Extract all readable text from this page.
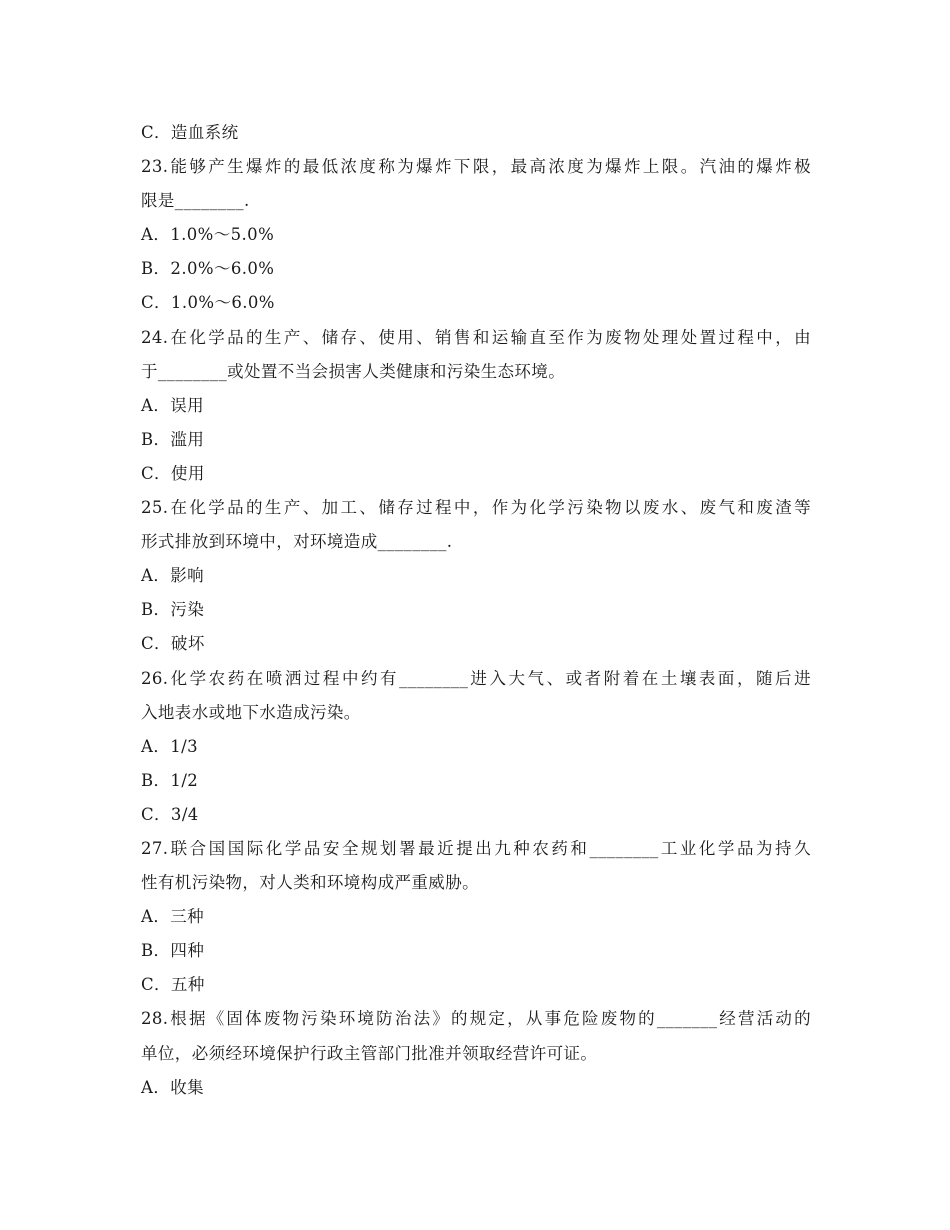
C．造血系统
23.能够产生爆炸的最低浓度称为爆炸下限，最高浓度为爆炸上限。汽油的爆炸极
限是________.
A．1.0%～5.0%
B．2.0%～6.0%
C．1.0%～6.0%
24.在化学品的生产、储存、使用、销售和运输直至作为废物处理处置过程中，由
于________或处置不当会损害人类健康和污染生态环境。
A．误用
B．滥用
C．使用
25.在化学品的生产、加工、储存过程中，作为化学污染物以废水、废气和废渣等
形式排放到环境中，对环境造成________.
A．影响
B．污染
C．破坏
26.化学农药在喷洒过程中约有________进入大气、或者附着在土壤表面，随后进
入地表水或地下水造成污染。
A．1/3
B．1/2
C．3/4
27.联合国国际化学品安全规划署最近提出九种农药和________工业化学品为持久
性有机污染物，对人类和环境构成严重威胁。
A．三种
B．四种
C．五种
28.根据《固体废物污染环境防治法》的规定，从事危险废物的_______经营活动的
单位，必须经环境保护行政主管部门批准并领取经营许可证。
A．收集
